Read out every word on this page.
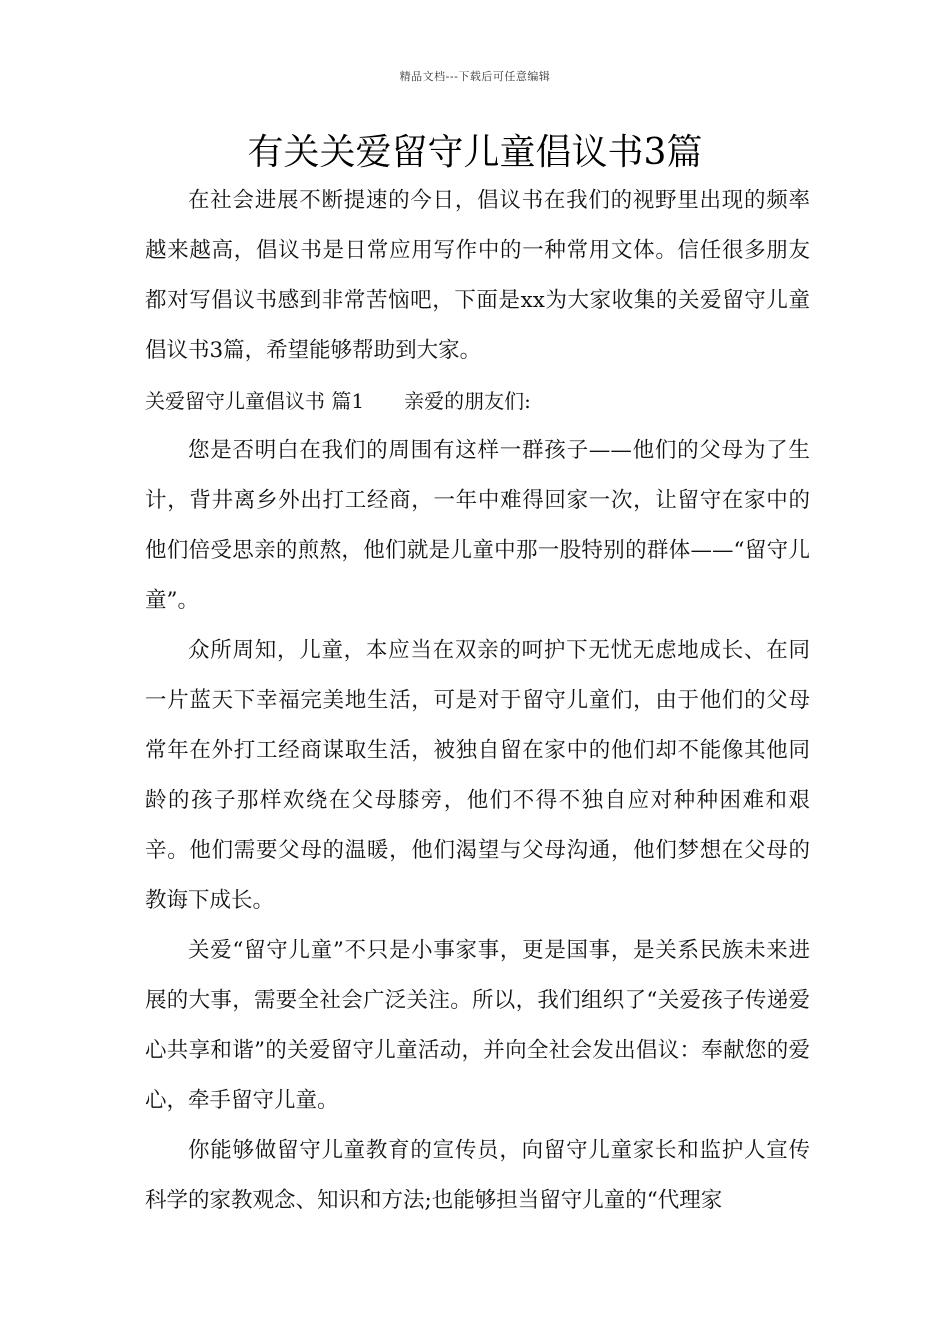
精品文档---下载后可任意编辑
有关关爱留守儿童倡议书3篇

在社会进展不断提速的今日，倡议书在我们的视野里出现的频率越来越高，倡议书是日常应用写作中的一种常用文体。信任很多朋友都对写倡议书感到非常苦恼吧，下面是xx为大家收集的关爱留守儿童倡议书3篇，希望能够帮助到大家。

关爱留守儿童倡议书 篇1 亲爱的朋友们:

您是否明白在我们的周围有这样一群孩子——他们的父母为了生计，背井离乡外出打工经商，一年中难得回家一次，让留守在家中的他们倍受思亲的煎熬，他们就是儿童中那一股特别的群体——“留守儿童”。

众所周知，儿童，本应当在双亲的呵护下无忧无虑地成长、在同一片蓝天下幸福完美地生活，可是对于留守儿童们，由于他们的父母常年在外打工经商谋取生活，被独自留在家中的他们却不能像其他同龄的孩子那样欢绕在父母膝旁，他们不得不独自应对种种困难和艰辛。他们需要父母的温暖，他们渴望与父母沟通，他们梦想在父母的教诲下成长。

关爱“留守儿童”不只是小事家事，更是国事，是关系民族未来进展的大事，需要全社会广泛关注。所以，我们组织了“关爱孩子传递爱心共享和谐”的关爱留守儿童活动，并向全社会发出倡议：奉献您的爱心，牵手留守儿童。

你能够做留守儿童教育的宣传员，向留守儿童家长和监护人宣传科学的家教观念、知识和方法;也能够担当留守儿童的“代理家
